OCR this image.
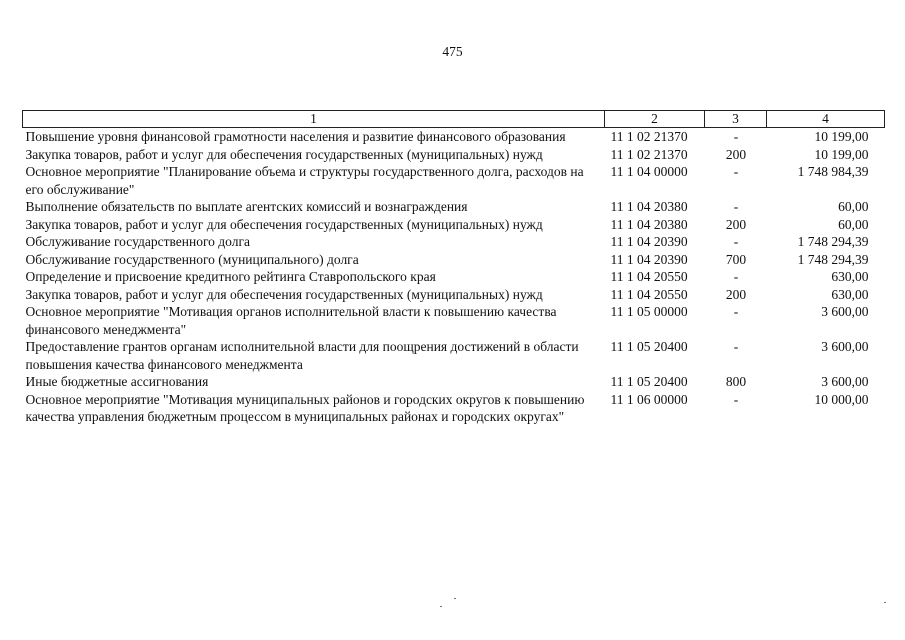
475
1	2	3	4
Повышение уровня финансовой грамотности населения и развитие финансового образования	11 1 02 21370	-	10 199,00
Закупка товаров, работ и услуг для обеспечения государственных (муниципальных) нужд	11 1 02 21370	200	10 199,00
Основное мероприятие "Планирование объема и структуры государственного долга, расходов на его обслуживание"	11 1 04 00000	-	1 748 984,39
Выполнение обязательств по выплате агентских комиссий и вознаграждения	11 1 04 20380	-	60,00
Закупка товаров, работ и услуг для обеспечения государственных (муниципальных) нужд	11 1 04 20380	200	60,00
Обслуживание государственного долга	11 1 04 20390	-	1 748 294,39
Обслуживание государственного (муниципального) долга	11 1 04 20390	700	1 748 294,39
Определение и присвоение кредитного рейтинга Ставропольского края	11 1 04 20550	-	630,00
Закупка товаров, работ и услуг для обеспечения государственных (муниципальных) нужд	11 1 04 20550	200	630,00
Основное мероприятие "Мотивация органов исполнительной власти к повышению качества финансового менеджмента"	11 1 05 00000	-	3 600,00
Предоставление грантов органам исполнительной власти для поощрения достижений в области повышения качества финансового менеджмента	11 1 05 20400	-	3 600,00
Иные бюджетные ассигнования	11 1 05 20400	800	3 600,00
Основное мероприятие "Мотивация муниципальных районов и городских округов к повышению качества управления бюджетным процессом в муниципальных районах и городских округах"	11 1 06 00000	-	10 000,00
